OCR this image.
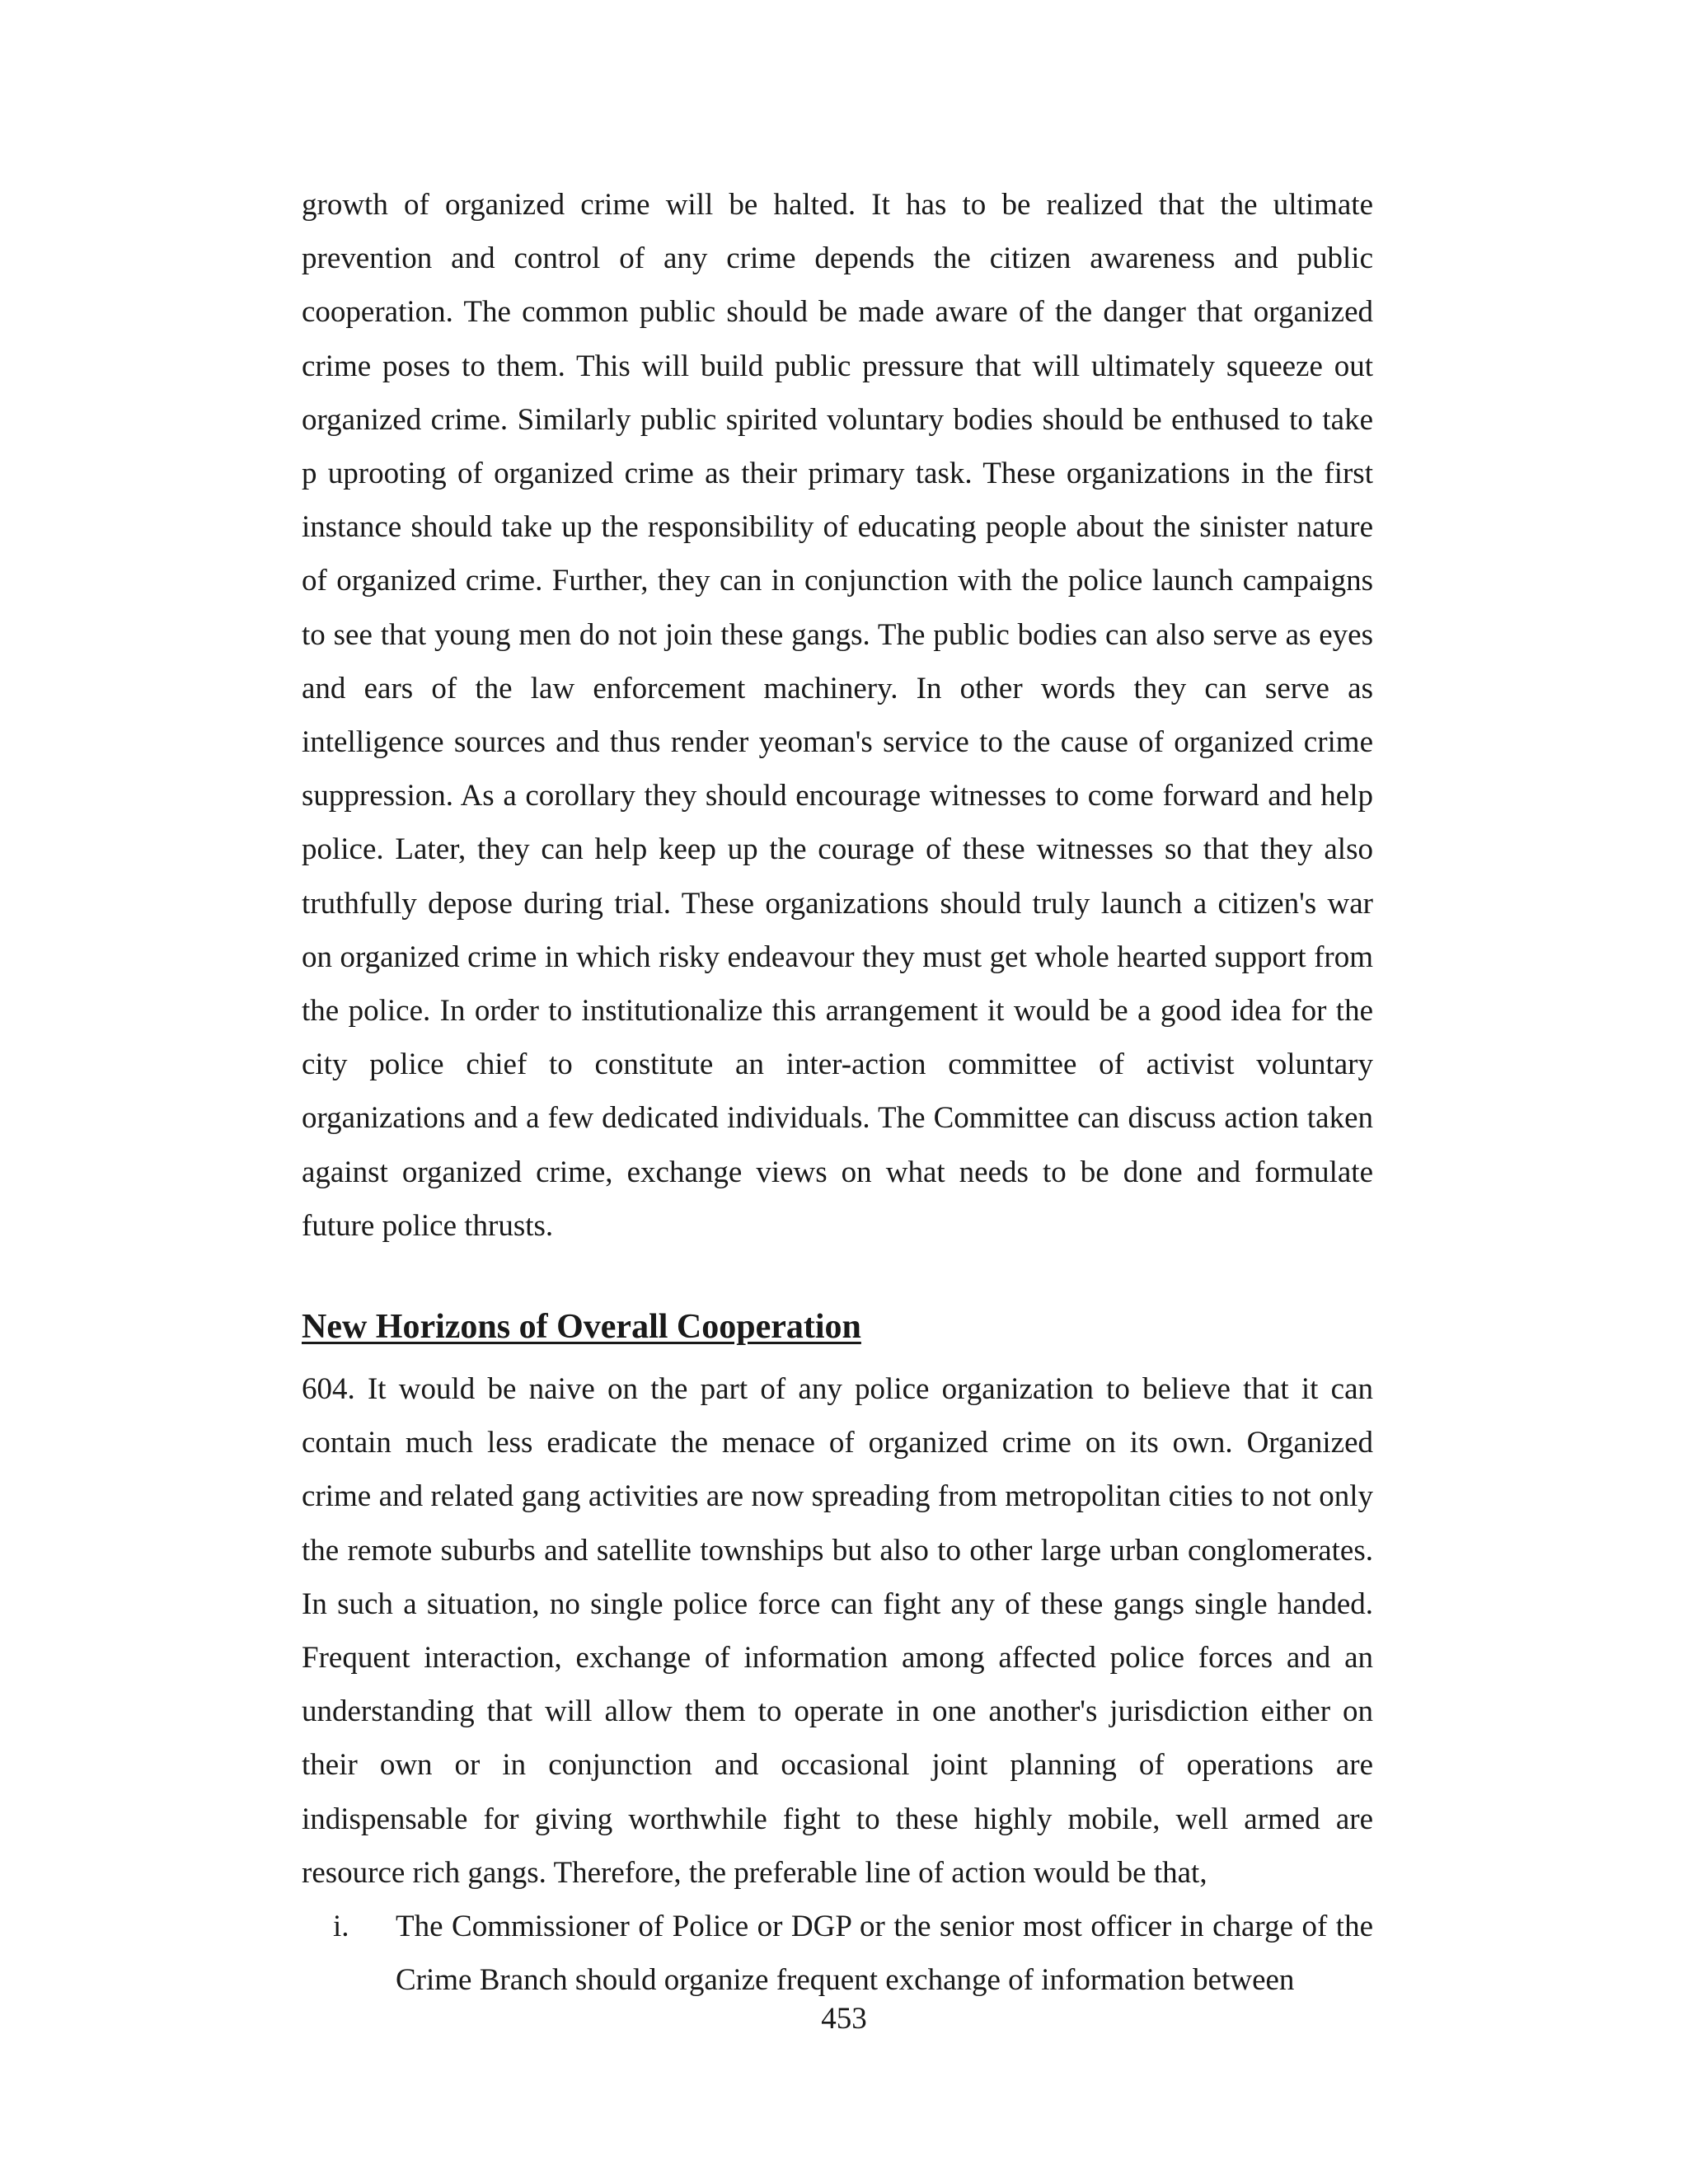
growth of organized crime will be halted. It has to be realized that the ultimate prevention and control of any crime depends the citizen awareness and public cooperation. The common public should be made aware of the danger that organized crime poses to them. This will build public pressure that will ultimately squeeze out organized crime. Similarly public spirited voluntary bodies should be enthused to take p uprooting of organized crime as their primary task. These organizations in the first instance should take up the responsibility of educating people about the sinister nature of organized crime. Further, they can in conjunction with the police launch campaigns to see that young men do not join these gangs. The public bodies can also serve as eyes and ears of the law enforcement machinery. In other words they can serve as intelligence sources and thus render yeoman's service to the cause of organized crime suppression. As a corollary they should encourage witnesses to come forward and help police. Later, they can help keep up the courage of these witnesses so that they also truthfully depose during trial. These organizations should truly launch a citizen's war on organized crime in which risky endeavour they must get whole hearted support from the police. In order to institutionalize this arrangement it would be a good idea for the city police chief to constitute an inter-action committee of activist voluntary organizations and a few dedicated individuals. The Committee can discuss action taken against organized crime, exchange views on what needs to be done and formulate future police thrusts.

New Horizons of Overall Cooperation

604. It would be naive on the part of any police organization to believe that it can contain much less eradicate the menace of organized crime on its own. Organized crime and related gang activities are now spreading from metropolitan cities to not only the remote suburbs and satellite townships but also to other large urban conglomerates. In such a situation, no single police force can fight any of these gangs single handed. Frequent interaction, exchange of information among affected police forces and an understanding that will allow them to operate in one another's jurisdiction either on their own or in conjunction and occasional joint planning of operations are indispensable for giving worthwhile fight to these highly mobile, well armed are resource rich gangs. Therefore, the preferable line of action would be that,

i. The Commissioner of Police or DGP or the senior most officer in charge of the Crime Branch should organize frequent exchange of information between
453
